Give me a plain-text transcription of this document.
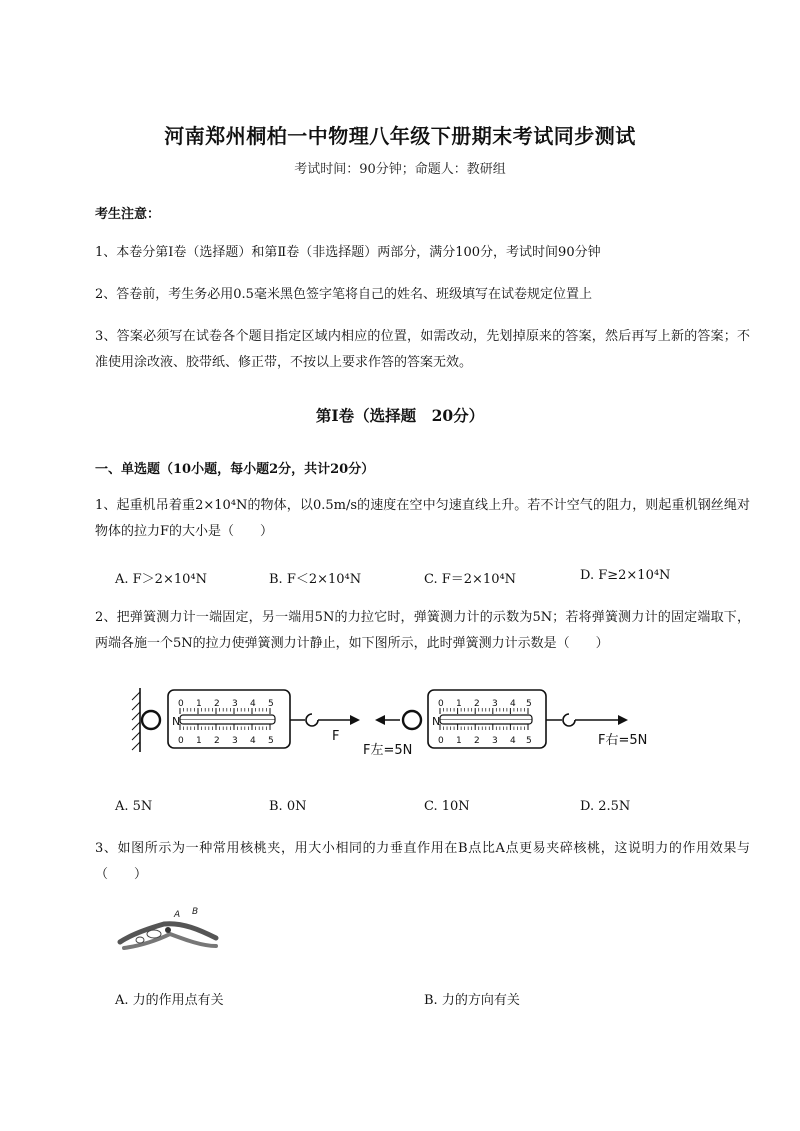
河南郑州桐柏一中物理八年级下册期末考试同步测试
考试时间：90分钟；命题人：教研组
考生注意：
1、本卷分第I卷（选择题）和第Ⅱ卷（非选择题）两部分，满分100分，考试时间90分钟
2、答卷前，考生务必用0.5毫米黑色签字笔将自己的姓名、班级填写在试卷规定位置上
3、答案必须写在试卷各个题目指定区域内相应的位置，如需改动，先划掉原来的答案，然后再写上新的答案；不准使用涂改液、胶带纸、修正带，不按以上要求作答的答案无效。
第I卷（选择题　20分）
一、单选题（10小题，每小题2分，共计20分）
1、起重机吊着重2×10⁴N的物体，以0.5m/s的速度在空中匀速直线上升。若不计空气的阻力，则起重机钢丝绳对物体的拉力F的大小是（　　）
A. F＞2×10⁴N	B. F＜2×10⁴N	C. F＝2×10⁴N	D. F≥2×10⁴N
2、把弹簧测力计一端固定，另一端用5N的力拉它时，弹簧测力计的示数为5N；若将弹簧测力计的固定端取下，两端各施一个5N的拉力使弹簧测力计静止，如下图所示，此时弹簧测力计示数是（　　）
N
0 1 2 3 4 5
0 1 2 3 4 5	F
N
0 1 2 3 4 5
0 1 2 3 4 5
F左=5N
F右=5N
A. 5N	B. 0N	C. 10N	D. 2.5N
3、如图所示为一种常用核桃夹，用大小相同的力垂直作用在B点比A点更易夹碎核桃，这说明力的作用效果与（　　）
A B
A. 力的作用点有关	B. 力的方向有关
